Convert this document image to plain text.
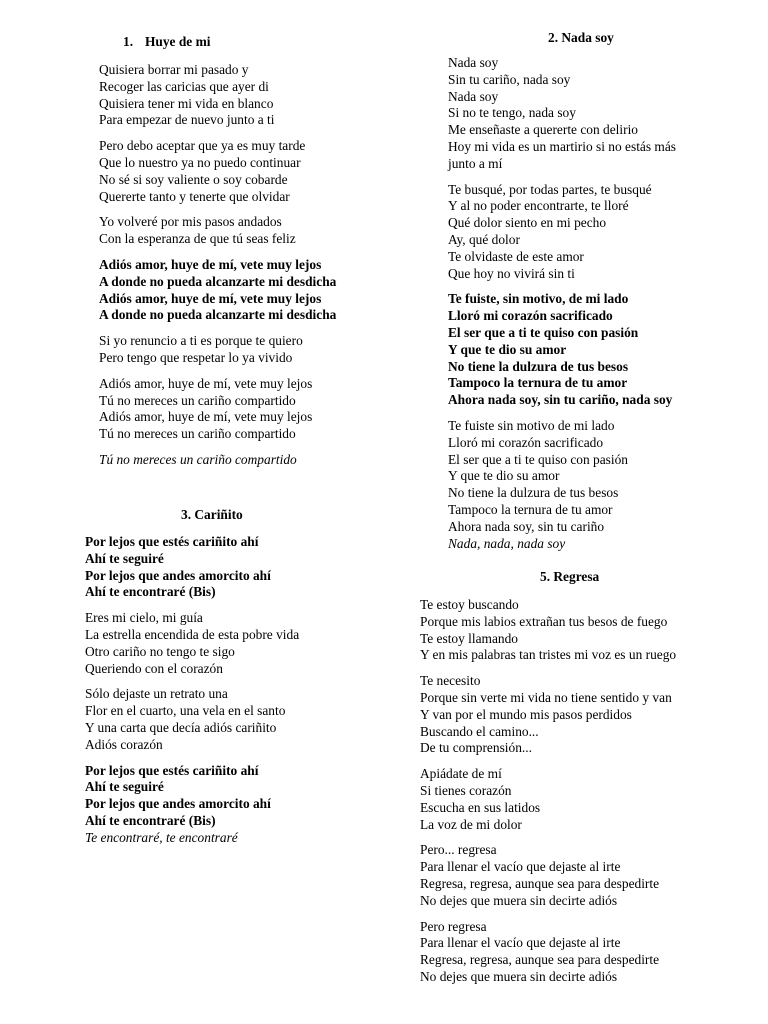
1. Huye de mi
Quisiera borrar mi pasado y
Recoger las caricias que ayer di
Quisiera tener mi vida en blanco
Para empezar de nuevo junto a ti
Pero debo aceptar que ya es muy tarde
Que lo nuestro ya no puedo continuar
No sé si soy valiente o soy cobarde
Quererte tanto y tenerte que olvidar
Yo volveré por mis pasos andados
Con la esperanza de que tú seas feliz
Adiós amor, huye de mí, vete muy lejos
A donde no pueda alcanzarte mi desdicha
Adiós amor, huye de mí, vete muy lejos
A donde no pueda alcanzarte mi desdicha
Si yo renuncio a ti es porque te quiero
Pero tengo que respetar lo ya vivido
Adiós amor, huye de mí, vete muy lejos
Tú no mereces un cariño compartido
Adiós amor, huye de mí, vete muy lejos
Tú no mereces un cariño compartido
Tú no mereces un cariño compartido
2. Nada soy
Nada soy
Sin tu cariño, nada soy
Nada soy
Si no te tengo, nada soy
Me enseñaste a quererte con delirio
Hoy mi vida es un martirio si no estás más
junto a mí
Te busqué, por todas partes, te busqué
Y al no poder encontrarte, te lloré
Qué dolor siento en mi pecho
Ay, qué dolor
Te olvidaste de este amor
Que hoy no vivirá sin ti
Te fuiste, sin motivo, de mi lado
Lloró mi corazón sacrificado
El ser que a ti te quiso con pasión
Y que te dio su amor
No tiene la dulzura de tus besos
Tampoco la ternura de tu amor
Ahora nada soy, sin tu cariño, nada soy
Te fuiste sin motivo de mi lado
Lloró mi corazón sacrificado
El ser que a ti te quiso con pasión
Y que te dio su amor
No tiene la dulzura de tus besos
Tampoco la ternura de tu amor
Ahora nada soy, sin tu cariño
Nada, nada, nada soy
3. Cariñito
Por lejos que estés cariñito ahí
Ahí te seguiré
Por lejos que andes amorcito ahí
Ahí te encontraré (Bis)
Eres mi cielo, mi guía
La estrella encendida de esta pobre vida
Otro cariño no tengo te sigo
Queriendo con el corazón
Sólo dejaste un retrato una
Flor en el cuarto, una vela en el santo
Y una carta que decía adiós cariñito
Adiós corazón
Por lejos que estés cariñito ahí
Ahí te seguiré
Por lejos que andes amorcito ahí
Ahí te encontraré (Bis)
Te encontraré, te encontraré
5. Regresa
Te estoy buscando
Porque mis labios extrañan tus besos de fuego
Te estoy llamando
Y en mis palabras tan tristes mi voz es un ruego
Te necesito
Porque sin verte mi vida no tiene sentido y van
Y van por el mundo mis pasos perdidos
Buscando el camino...
De tu comprensión...
Apiádate de mí
Si tienes corazón
Escucha en sus latidos
La voz de mi dolor
Pero... regresa
Para llenar el vacío que dejaste al irte
Regresa, regresa, aunque sea para despedirte
No dejes que muera sin decirte adiós
Pero regresa
Para llenar el vacío que dejaste al irte
Regresa, regresa, aunque sea para despedirte
No dejes que muera sin decirte adiós
